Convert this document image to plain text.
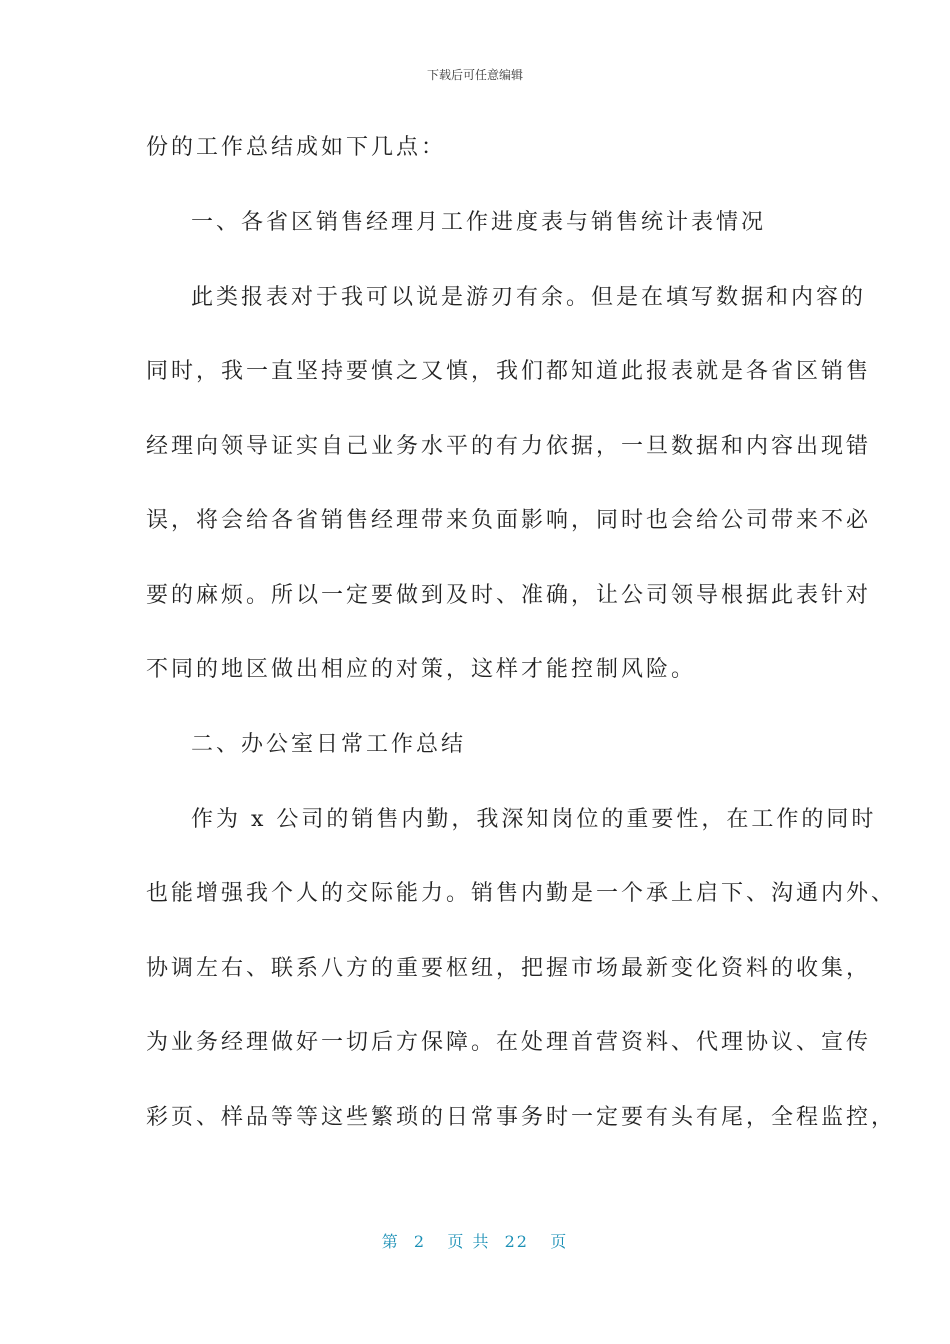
下载后可任意编辑
份的工作总结成如下几点：
一、各省区销售经理月工作进度表与销售统计表情况
此类报表对于我可以说是游刃有余。但是在填写数据和内容的
同时，我一直坚持要慎之又慎，我们都知道此报表就是各省区销售
经理向领导证实自己业务水平的有力依据，一旦数据和内容出现错
误，将会给各省销售经理带来负面影响，同时也会给公司带来不必
要的麻烦。所以一定要做到及时、准确，让公司领导根据此表针对
不同的地区做出相应的对策，这样才能控制风险。
二、办公室日常工作总结
作为 x 公司的销售内勤，我深知岗位的重要性，在工作的同时
也能增强我个人的交际能力。销售内勤是一个承上启下、沟通内外、
协调左右、联系八方的重要枢纽，把握市场最新变化资料的收集，
为业务经理做好一切后方保障。在处理首营资料、代理协议、宣传
彩页、样品等等这些繁琐的日常事务时一定要有头有尾，全程监控，
第  2   页 共  22   页
